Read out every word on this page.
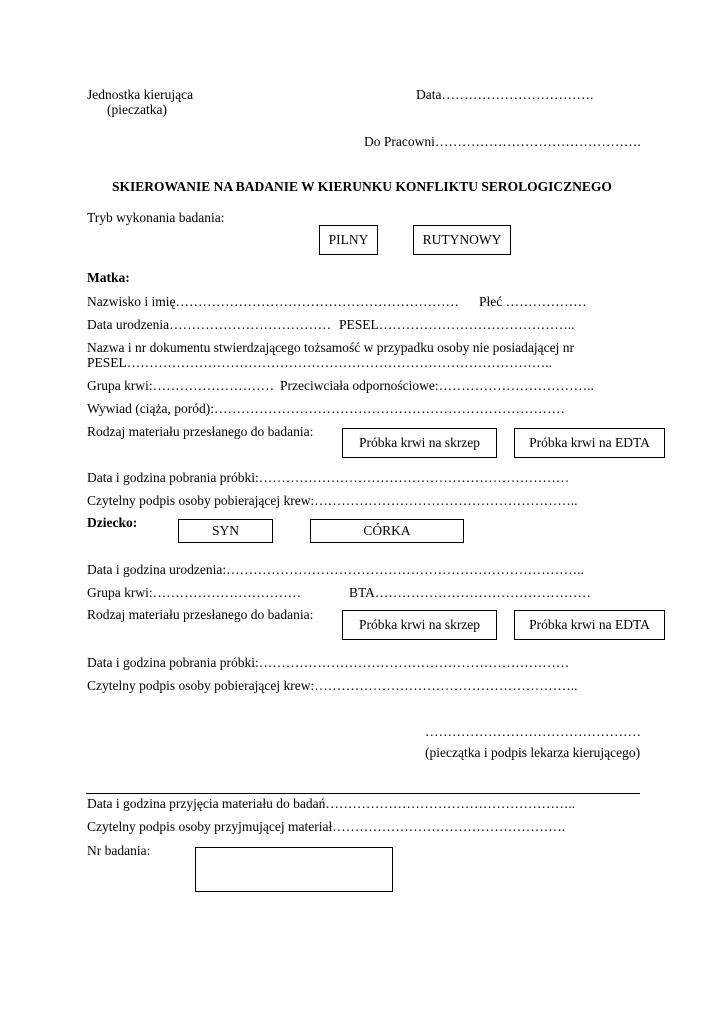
Jednostka kierująca
(pieczatka)
Data…………………………….
Do Pracowni……………………………………….
SKIEROWANIE NA BADANIE W KIERUNKU KONFLIKTU SEROLOGICZNEGO
Tryb wykonania badania:
PILNY	RUTYNOWY
Matka:
Nazwisko i imię……………………………………………………… Płeć ………………
Data urodzenia……………………………… PESEL……………………………………..
Nazwa i nr dokumentu stwierdzającego tożsamość w przypadku osoby nie posiadającej nr
PESEL…………………………………………………………………………………..
Grupa krwi:……………………… Przeciwciała odpornościowe:……………………………..
Wywiad (ciąża, poród):……………………………………………………………………
Rodzaj materiału przesłanego do badania:
Próbka krwi na skrzep	Próbka krwi na EDTA
Data i godzina pobrania próbki:……………………………………………………………
Czytelny podpis osoby pobierającej krew:…………………………………………………..
Dziecko:
SYN	CÓRKA
Data i godzina urodzenia:……………………………………………………………………..
Grupa krwi:……………………………	BTA…………………………………………
Rodzaj materiału przesłanego do badania:
Próbka krwi na skrzep	Próbka krwi na EDTA
Data i godzina pobrania próbki:……………………………………………………………
Czytelny podpis osoby pobierającej krew:…………………………………………………..
…………………………………………
(pieczątka i podpis lekarza kierującego)
Data i godzina przyjęcia materiału do badań………………………………………………..
Czytelny podpis osoby przyjmującej materiał…………………………………………….
Nr badania:
